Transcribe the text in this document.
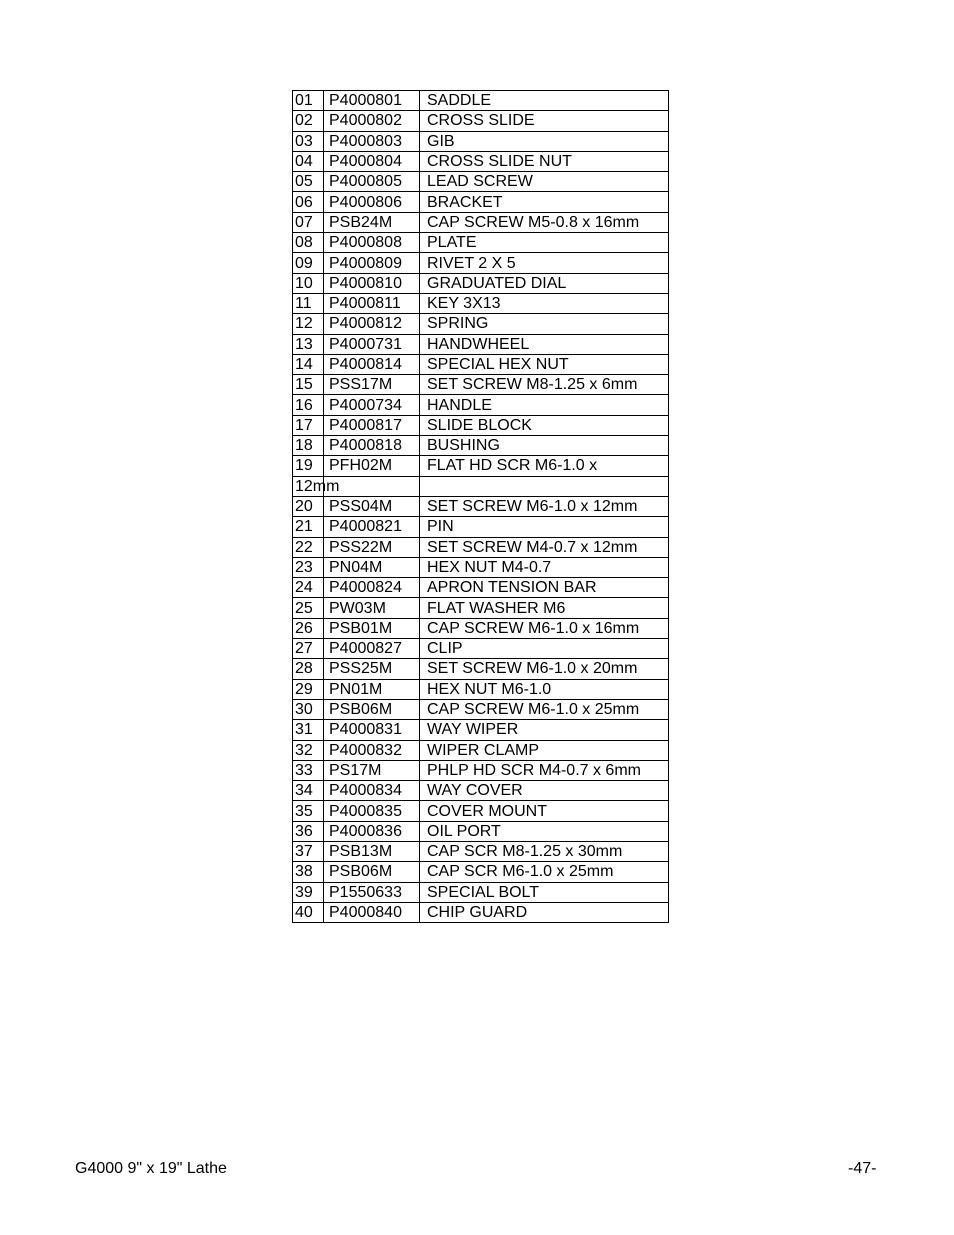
01	P4000801	SADDLE
02	P4000802	CROSS SLIDE
03	P4000803	GIB
04	P4000804	CROSS SLIDE NUT
05	P4000805	LEAD SCREW
06	P4000806	BRACKET
07	PSB24M	CAP SCREW M5-0.8 x 16mm
08	P4000808	PLATE
09	P4000809	RIVET 2 X 5
10	P4000810	GRADUATED DIAL
11	P4000811	KEY 3X13
12	P4000812	SPRING
13	P4000731	HANDWHEEL
14	P4000814	SPECIAL HEX NUT
15	PSS17M	SET SCREW M8-1.25 x 6mm
16	P4000734	HANDLE
17	P4000817	SLIDE BLOCK
18	P4000818	BUSHING
19	PFH02M	FLAT HD SCR M6-1.0 x
12mm		
20	PSS04M	SET SCREW M6-1.0 x 12mm
21	P4000821	PIN
22	PSS22M	SET SCREW M4-0.7 x 12mm
23	PN04M	HEX NUT M4-0.7
24	P4000824	APRON TENSION BAR
25	PW03M	FLAT WASHER M6
26	PSB01M	CAP SCREW M6-1.0 x 16mm
27	P4000827	CLIP
28	PSS25M	SET SCREW M6-1.0 x 20mm
29	PN01M	HEX NUT M6-1.0
30	PSB06M	CAP SCREW M6-1.0 x 25mm
31	P4000831	WAY WIPER
32	P4000832	WIPER CLAMP
33	PS17M	PHLP HD SCR M4-0.7 x 6mm
34	P4000834	WAY COVER
35	P4000835	COVER MOUNT
36	P4000836	OIL PORT
37	PSB13M	CAP SCR M8-1.25 x 30mm
38	PSB06M	CAP SCR M6-1.0 x 25mm
39	P1550633	SPECIAL BOLT
40	P4000840	CHIP GUARD
G4000 9" x 19" Lathe	-47-
